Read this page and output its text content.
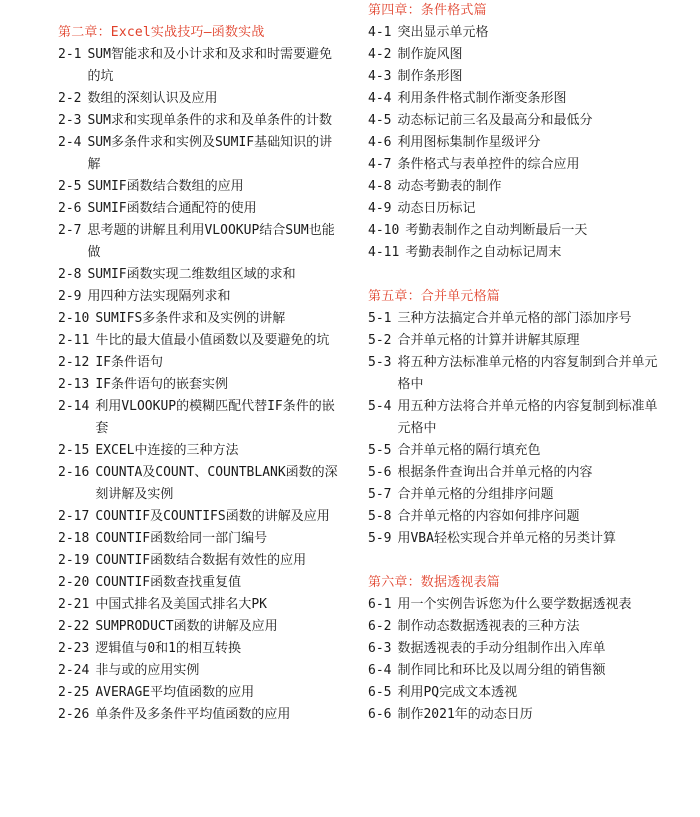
第二章：Excel实战技巧—函数实战
2-1 SUM智能求和及小计求和及求和时需要避免的坑
2-2 数组的深刻认识及应用
2-3 SUM求和实现单条件的求和及单条件的计数
2-4 SUM多条件求和实例及SUMIF基础知识的讲解
2-5 SUMIF函数结合数组的应用
2-6 SUMIF函数结合通配符的使用
2-7 思考题的讲解且利用VLOOKUP结合SUM也能做
2-8 SUMIF函数实现二维数组区域的求和
2-9 用四种方法实现隔列求和
2-10 SUMIFS多条件求和及实例的讲解
2-11 牛比的最大值最小值函数以及要避免的坑
2-12 IF条件语句
2-13 IF条件语句的嵌套实例
2-14 利用VLOOKUP的模糊匹配代替IF条件的嵌套
2-15 EXCEL中连接的三种方法
2-16 COUNTA及COUNT、COUNTBLANK函数的深刻讲解及实例
2-17 COUNTIF及COUNTIFS函数的讲解及应用
2-18 COUNTIF函数给同一部门编号
2-19 COUNTIF函数结合数据有效性的应用
2-20 COUNTIF函数查找重复值
2-21 中国式排名及美国式排名大PK
2-22 SUMPRODUCT函数的讲解及应用
2-23 逻辑值与0和1的相互转换
2-24 非与或的应用实例
2-25 AVERAGE平均值函数的应用
2-26 单条件及多条件平均值函数的应用
第四章：条件格式篇
4-1 突出显示单元格
4-2 制作旋风图
4-3 制作条形图
4-4 利用条件格式制作渐变条形图
4-5 动态标记前三名及最高分和最低分
4-6 利用图标集制作星级评分
4-7 条件格式与表单控件的综合应用
4-8 动态考勤表的制作
4-9 动态日历标记
4-10 考勤表制作之自动判断最后一天
4-11 考勤表制作之自动标记周末
第五章：合并单元格篇
5-1 三种方法搞定合并单元格的部门添加序号
5-2 合并单元格的计算并讲解其原理
5-3 将五种方法标准单元格的内容复制到合并单元格中
5-4 用五种方法将合并单元格的内容复制到标准单元格中
5-5 合并单元格的隔行填充色
5-6 根据条件查询出合并单元格的内容
5-7 合并单元格的分组排序问题
5-8 合并单元格的内容如何排序问题
5-9 用VBA轻松实现合并单元格的另类计算
第六章：数据透视表篇
6-1 用一个实例告诉您为什么要学数据透视表
6-2 制作动态数据透视表的三种方法
6-3 数据透视表的手动分组制作出入库单
6-4 制作同比和环比及以周分组的销售额
6-5 利用PQ完成文本透视
6-6 制作2021年的动态日历
